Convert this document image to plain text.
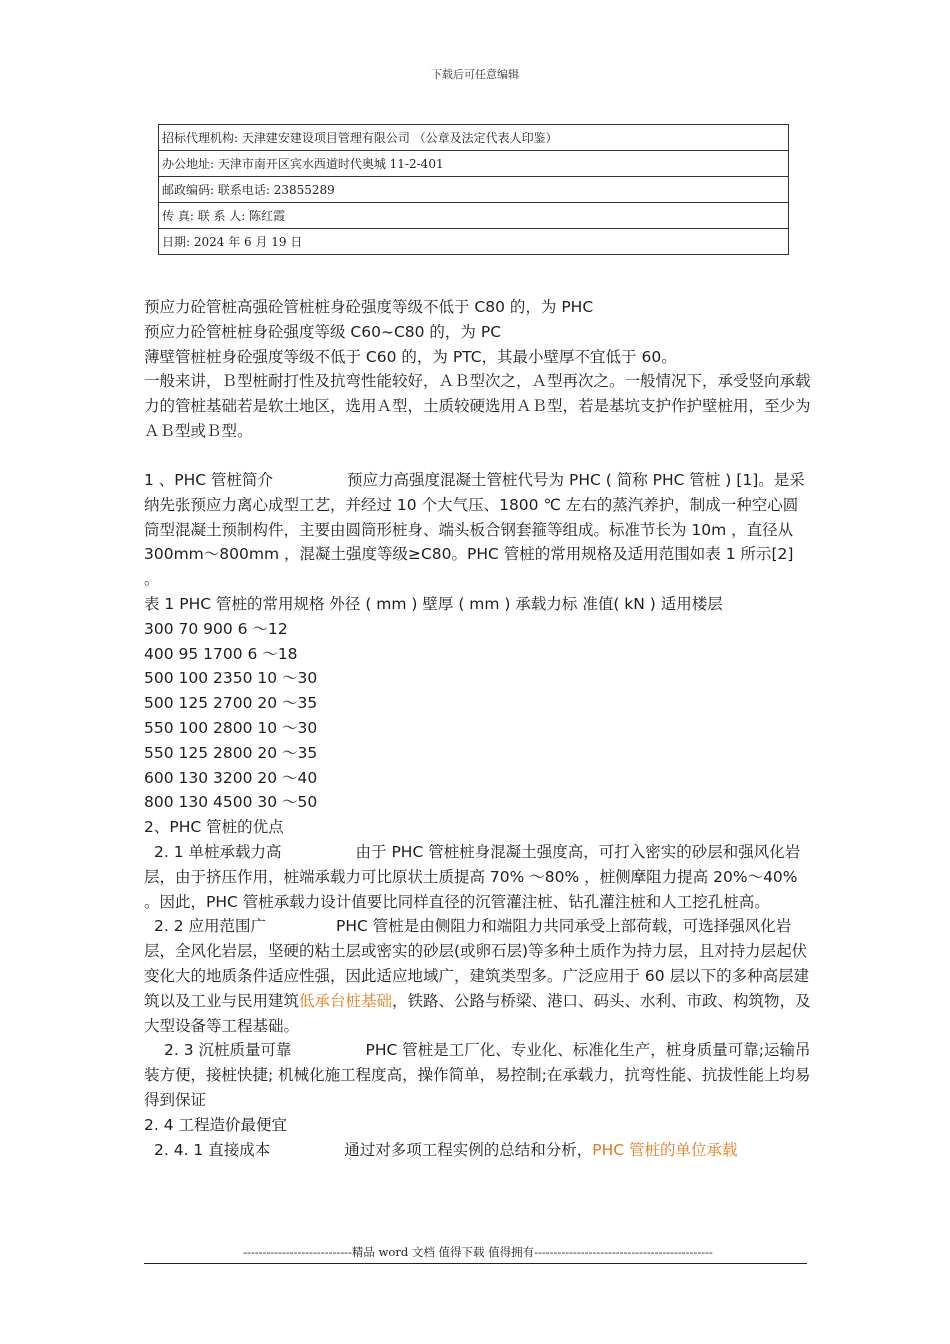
下载后可任意编辑
招标代理机构: 天津建安建设项目管理有限公司 （公章及法定代表人印鉴）
办公地址: 天津市南开区宾水西道时代奥城 11-2-401
邮政编码: 联系电话: 23855289
传 真: 联 系 人: 陈红霞
日期: 2024 年 6 月 19 日

预应力砼管桩高强砼管桩桩身砼强度等级不低于 C80 的，为 PHC

预应力砼管桩桩身砼强度等级 C60~C80 的，为 PC

薄壁管桩桩身砼强度等级不低于 C60 的，为 PTC，其最小壁厚不宜低于 60。

一般来讲，Ｂ型桩耐打性及抗弯性能较好，ＡＢ型次之，Ａ型再次之。一般情况下，承受竖向承载力的管桩基础若是软土地区，选用Ａ型，土质较硬选用ＡＢ型，若是基坑支护作护壁桩用，至少为ＡＢ型或Ｂ型。

1 、PHC 管桩简介	预应力高强度混凝土管桩代号为 PHC ( 简称 PHC 管桩 ) [1]。是采纳先张预应力离心成型工艺，并经过 10 个大气压、1800 ℃ 左右的蒸汽养护，制成一种空心圆筒型混凝土预制构件，主要由圆筒形桩身、端头板合钢套箍等组成。标准节长为 10m ，直径从 300mm～800mm ，混凝土强度等级≥C80。PHC 管桩的常用规格及适用范围如表 1 所示[2] 。

表 1 PHC 管桩的常用规格 外径 ( mm ) 壁厚 ( mm ) 承载力标 准值( kN ) 适用楼层

300 70 900 6 ～12

400 95 1700 6 ～18

500 100 2350 10 ～30

500 125 2700 20 ～35

550 100 2800 10 ～30

550 125 2800 20 ～35

600 130 3200 20 ～40

800 130 4500 30 ～50

2、PHC 管桩的优点

2. 1 单桩承载力高	由于 PHC 管桩桩身混凝土强度高，可打入密实的砂层和强风化岩层，由于挤压作用，桩端承载力可比原状土质提高 70% ～80% ，桩侧摩阻力提高 20%～40% 。因此，PHC 管桩承载力设计值要比同样直径的沉管灌注桩、钻孔灌注桩和人工挖孔桩高。

2. 2 应用范围广	PHC 管桩是由侧阻力和端阻力共同承受上部荷载，可选择强风化岩层，全风化岩层，坚硬的粘土层或密实的砂层(或卵石层)等多种土质作为持力层，且对持力层起伏变化大的地质条件适应性强，因此适应地域广，建筑类型多。广泛应用于 60 层以下的多种高层建筑以及工业与民用建筑低承台桩基础，铁路、公路与桥梁、港口、码头、水利、市政、构筑物，及大型设备等工程基础。

2. 3 沉桩质量可靠	PHC 管桩是工厂化、专业化、标准化生产，桩身质量可靠;运输吊装方便，接桩快捷; 机械化施工程度高，操作简单，易控制;在承载力，抗弯性能、抗拔性能上均易得到保证

2. 4 工程造价最便宜

2. 4. 1 直接成本	通过对多项工程实例的总结和分析，PHC 管桩的单位承载

----------------------------精品 word 文档 值得下载 值得拥有----------------------------------------------
